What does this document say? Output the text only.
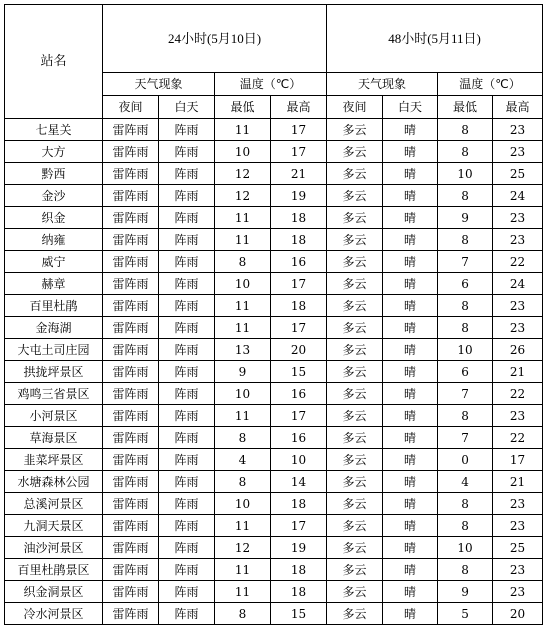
站名	24小时(5月10日)				48小时(5月11日)			
	天气现象		温度（℃）		天气现象		温度（℃）	
	夜间	白天	最低	最高	夜间	白天	最低	最高
七星关	雷阵雨	阵雨	11	17	多云	晴	8	23
大方	雷阵雨	阵雨	10	17	多云	晴	8	23
黔西	雷阵雨	阵雨	12	21	多云	晴	10	25
金沙	雷阵雨	阵雨	12	19	多云	晴	8	24
织金	雷阵雨	阵雨	11	18	多云	晴	9	23
纳雍	雷阵雨	阵雨	11	18	多云	晴	8	23
威宁	雷阵雨	阵雨	8	16	多云	晴	7	22
赫章	雷阵雨	阵雨	10	17	多云	晴	6	24
百里杜鹃	雷阵雨	阵雨	11	18	多云	晴	8	23
金海湖	雷阵雨	阵雨	11	17	多云	晴	8	23
大屯土司庄园	雷阵雨	阵雨	13	20	多云	晴	10	26
拱拢坪景区	雷阵雨	阵雨	9	15	多云	晴	6	21
鸡鸣三省景区	雷阵雨	阵雨	10	16	多云	晴	7	22
小河景区	雷阵雨	阵雨	11	17	多云	晴	8	23
草海景区	雷阵雨	阵雨	8	16	多云	晴	7	22
韭菜坪景区	雷阵雨	阵雨	4	10	多云	晴	0	17
水塘森林公园	雷阵雨	阵雨	8	14	多云	晴	4	21
总溪河景区	雷阵雨	阵雨	10	18	多云	晴	8	23
九洞天景区	雷阵雨	阵雨	11	17	多云	晴	8	23
油沙河景区	雷阵雨	阵雨	12	19	多云	晴	10	25
百里杜鹃景区	雷阵雨	阵雨	11	18	多云	晴	8	23
织金洞景区	雷阵雨	阵雨	11	18	多云	晴	9	23
冷水河景区	雷阵雨	阵雨	8	15	多云	晴	5	20
